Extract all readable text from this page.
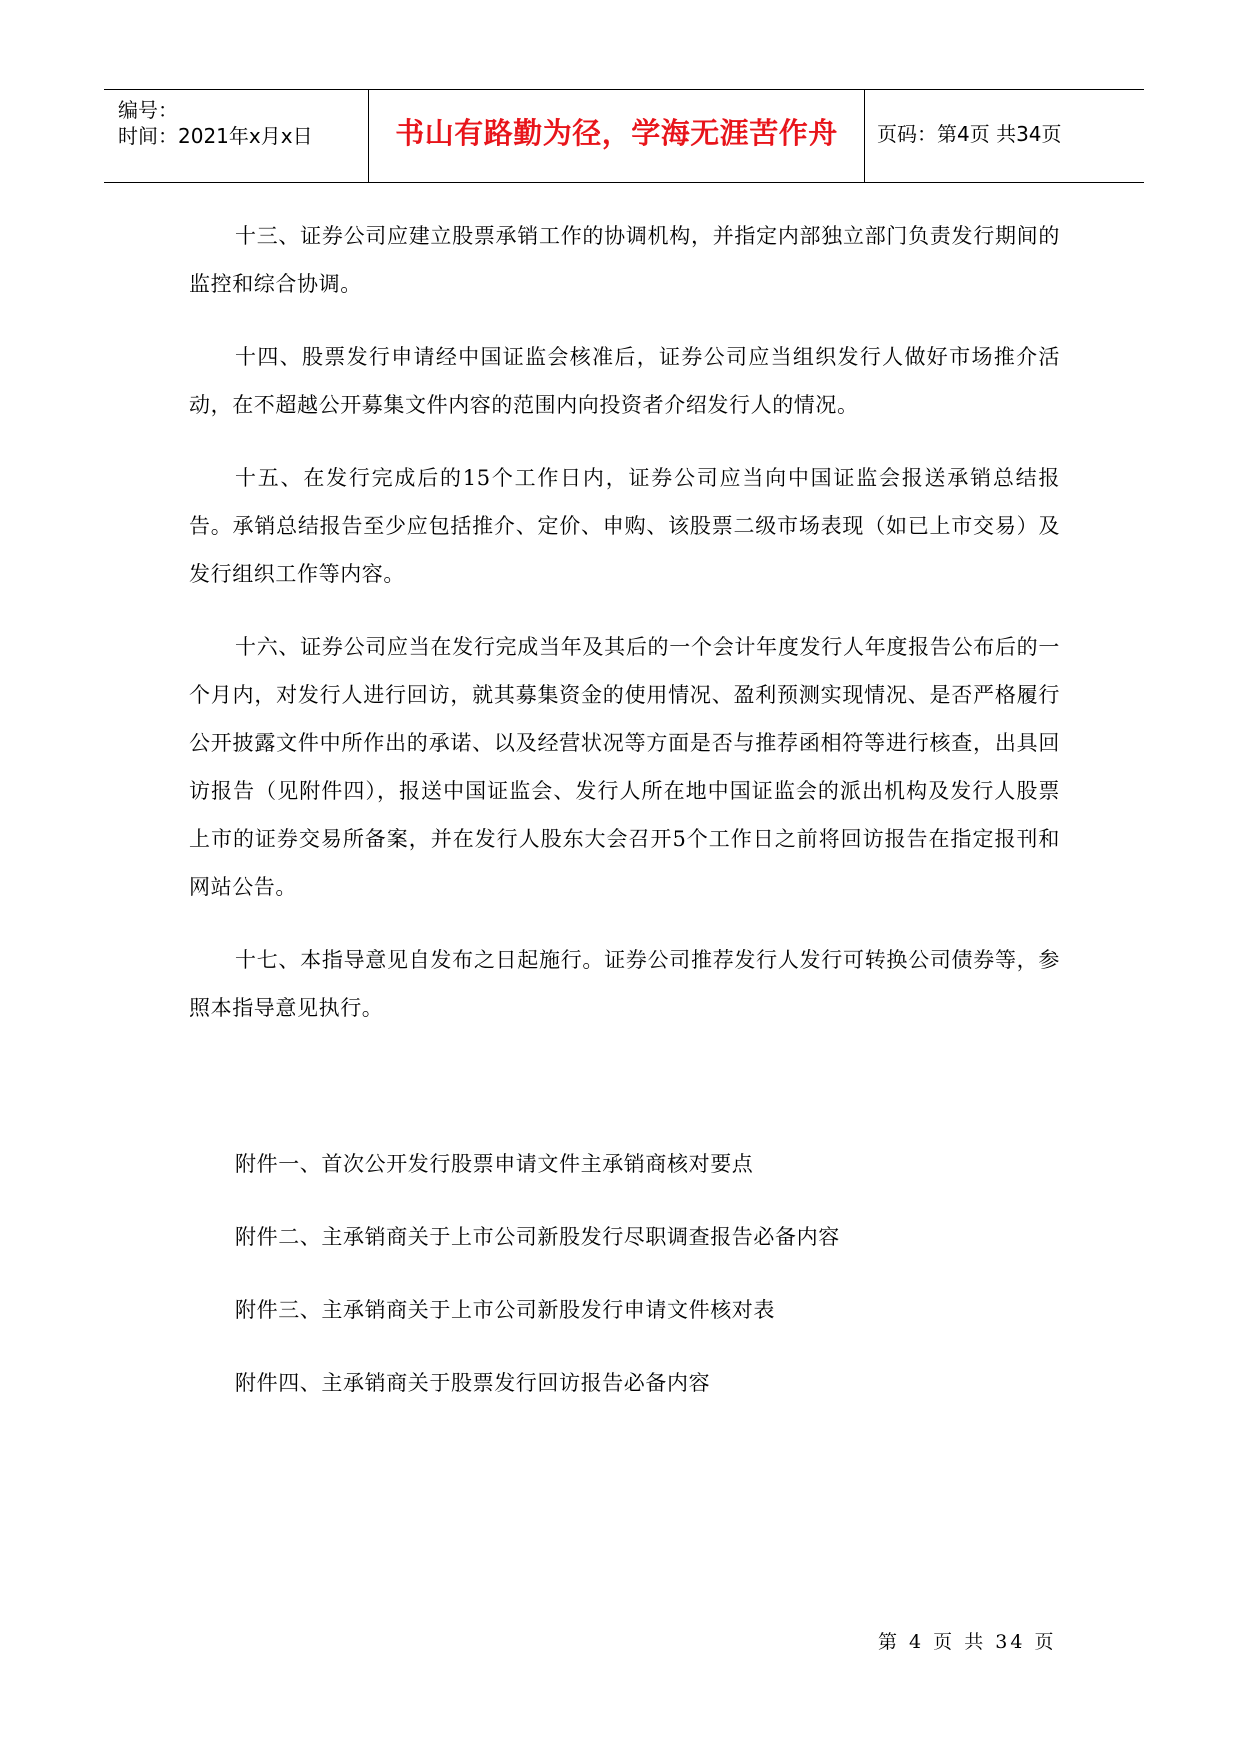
编号：
时间：2021年x月x日	书山有路勤为径，学海无涯苦作舟 页码：第4页 共34页

十三、证券公司应建立股票承销工作的协调机构，并指定内部独立部门负责发行期间的监控和综合协调。

十四、股票发行申请经中国证监会核准后，证券公司应当组织发行人做好市场推介活动，在不超越公开募集文件内容的范围内向投资者介绍发行人的情况。

十五、在发行完成后的15个工作日内，证券公司应当向中国证监会报送承销总结报告。承销总结报告至少应包括推介、定价、申购、该股票二级市场表现（如已上市交易）及发行组织工作等内容。

十六、证券公司应当在发行完成当年及其后的一个会计年度发行人年度报告公布后的一个月内，对发行人进行回访，就其募集资金的使用情况、盈利预测实现情况、是否严格履行公开披露文件中所作出的承诺、以及经营状况等方面是否与推荐函相符等进行核查，出具回访报告（见附件四），报送中国证监会、发行人所在地中国证监会的派出机构及发行人股票上市的证券交易所备案，并在发行人股东大会召开5个工作日之前将回访报告在指定报刊和网站公告。

十七、本指导意见自发布之日起施行。证券公司推荐发行人发行可转换公司债券等，参照本指导意见执行。

附件一、首次公开发行股票申请文件主承销商核对要点
附件二、主承销商关于上市公司新股发行尽职调查报告必备内容
附件三、主承销商关于上市公司新股发行申请文件核对表
附件四、主承销商关于股票发行回访报告必备内容
第 4 页 共 34 页
